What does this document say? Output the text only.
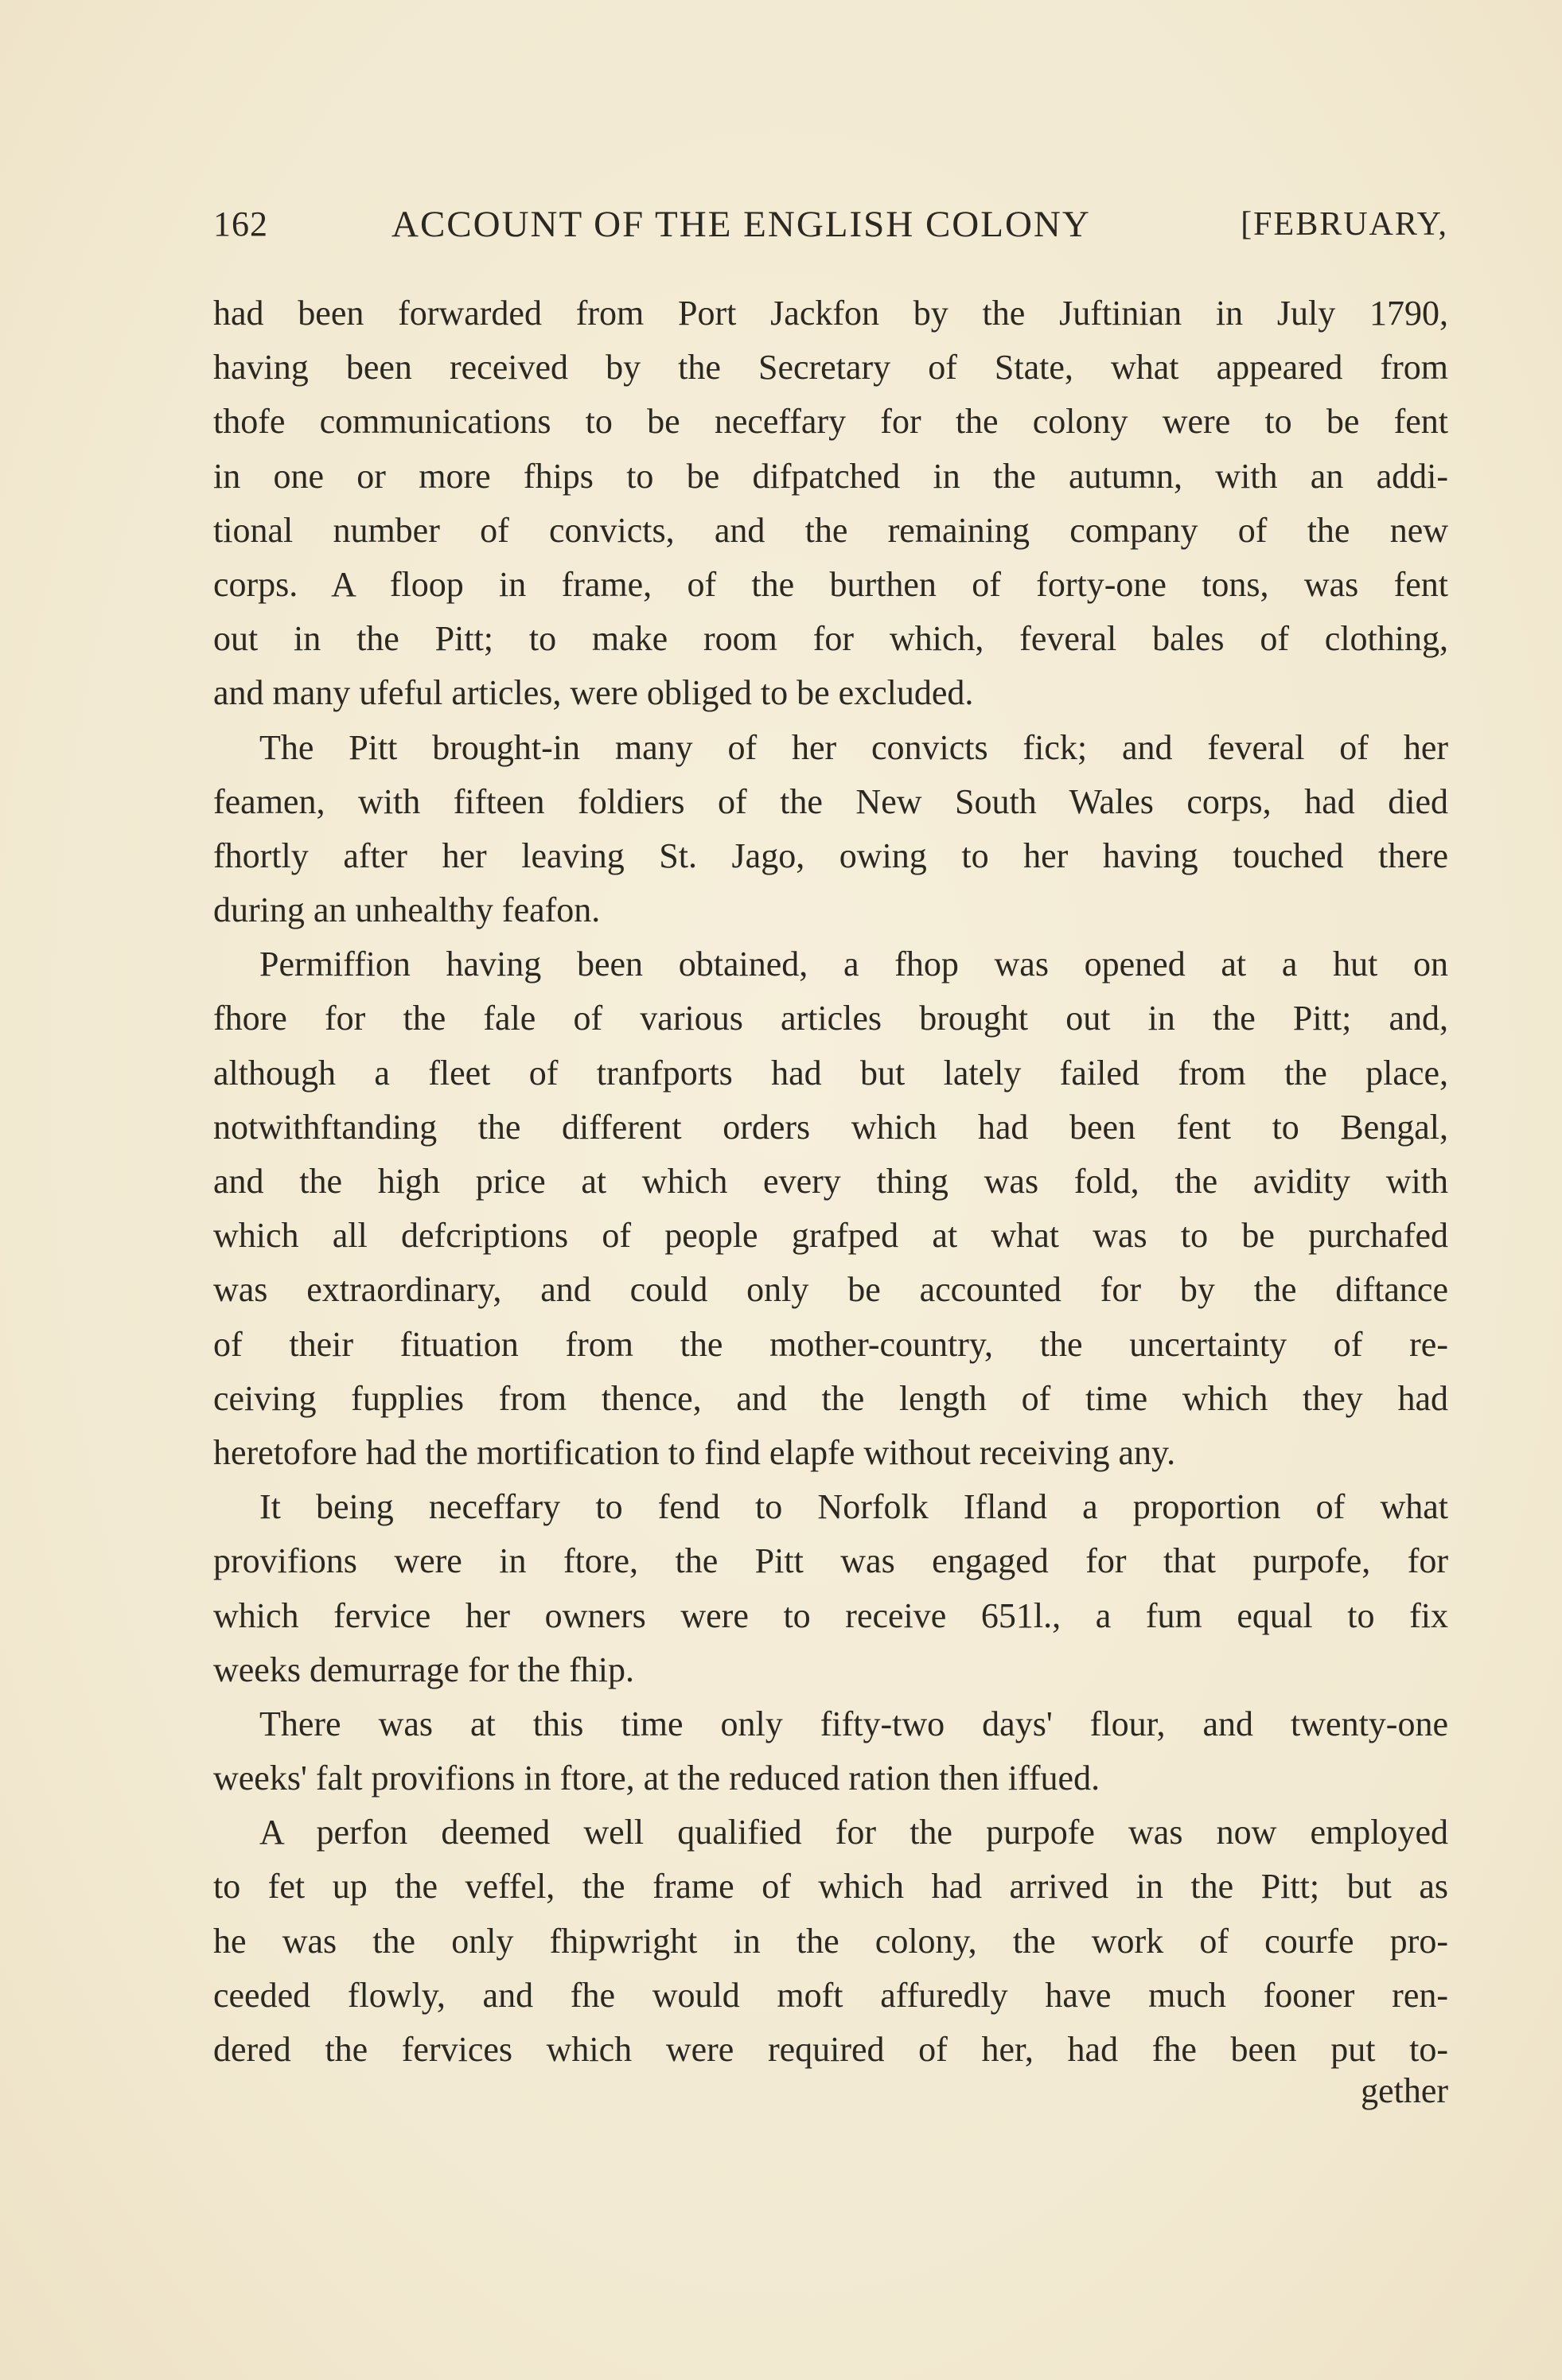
162	ACCOUNT OF THE ENGLISH COLONY	[FEBRUARY,
had been forwarded from Port Jackfon by the Juftinian in July 1790,
having been received by the Secretary of State, what appeared from
thofe communications to be neceffary for the colony were to be fent
in one or more fhips to be difpatched in the autumn, with an addi-
tional number of convicts, and the remaining company of the new
corps. A floop in frame, of the burthen of forty-one tons, was fent
out in the Pitt; to make room for which, feveral bales of clothing,
and many ufeful articles, were obliged to be excluded.
The Pitt brought-in many of her convicts fick; and feveral of her
feamen, with fifteen foldiers of the New South Wales corps, had died
fhortly after her leaving St. Jago, owing to her having touched there
during an unhealthy feafon.
Permiffion having been obtained, a fhop was opened at a hut on
fhore for the fale of various articles brought out in the Pitt; and,
although a fleet of tranfports had but lately failed from the place,
notwithftanding the different orders which had been fent to Bengal,
and the high price at which every thing was fold, the avidity with
which all defcriptions of people grafped at what was to be purchafed
was extraordinary, and could only be accounted for by the diftance
of their fituation from the mother-country, the uncertainty of re-
ceiving fupplies from thence, and the length of time which they had
heretofore had the mortification to find elapfe without receiving any.
It being neceffary to fend to Norfolk Ifland a proportion of what
provifions were in ftore, the Pitt was engaged for that purpofe, for
which fervice her owners were to receive 651l., a fum equal to fix
weeks demurrage for the fhip.
There was at this time only fifty-two days' flour, and twenty-one
weeks' falt provifions in ftore, at the reduced ration then iffued.
A perfon deemed well qualified for the purpofe was now employed
to fet up the veffel, the frame of which had arrived in the Pitt; but as
he was the only fhipwright in the colony, the work of courfe pro-
ceeded flowly, and fhe would moft affuredly have much fooner ren-
dered the fervices which were required of her, had fhe been put to-
gether
